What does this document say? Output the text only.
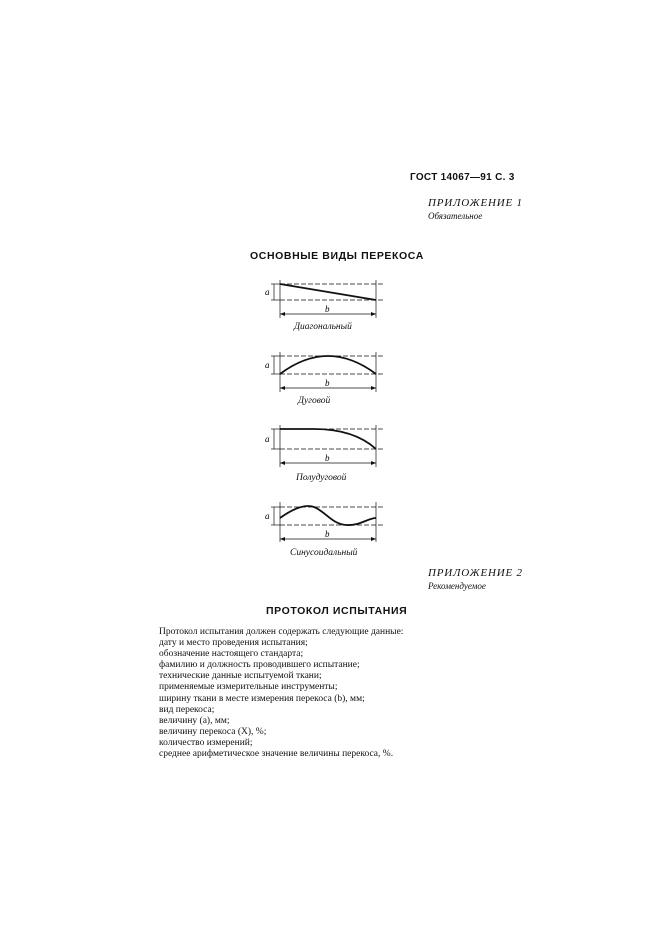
ГОСТ 14067—91 С. 3
ПРИЛОЖЕНИЕ 1
Обязательное
ОСНОВНЫЕ ВИДЫ ПЕРЕКОСА
a
b
Диагональный
a
b
Дуговой
a
b
Полудуговой
a
b
Синусоидальный
ПРИЛОЖЕНИЕ 2
Рекомендуемое
ПРОТОКОЛ ИСПЫТАНИЯ
Протокол испытания должен содержать следующие данные:
дату и место проведения испытания;
обозначение настоящего стандарта;
фамилию и должность проводившего испытание;
технические данные испытуемой ткани;
применяемые измерительные инструменты;
ширину ткани в месте измерения перекоса (b), мм;
вид перекоса;
величину (a), мм;
величину перекоса (X), %;
количество измерений;
среднее арифметическое значение величины перекоса, %.
